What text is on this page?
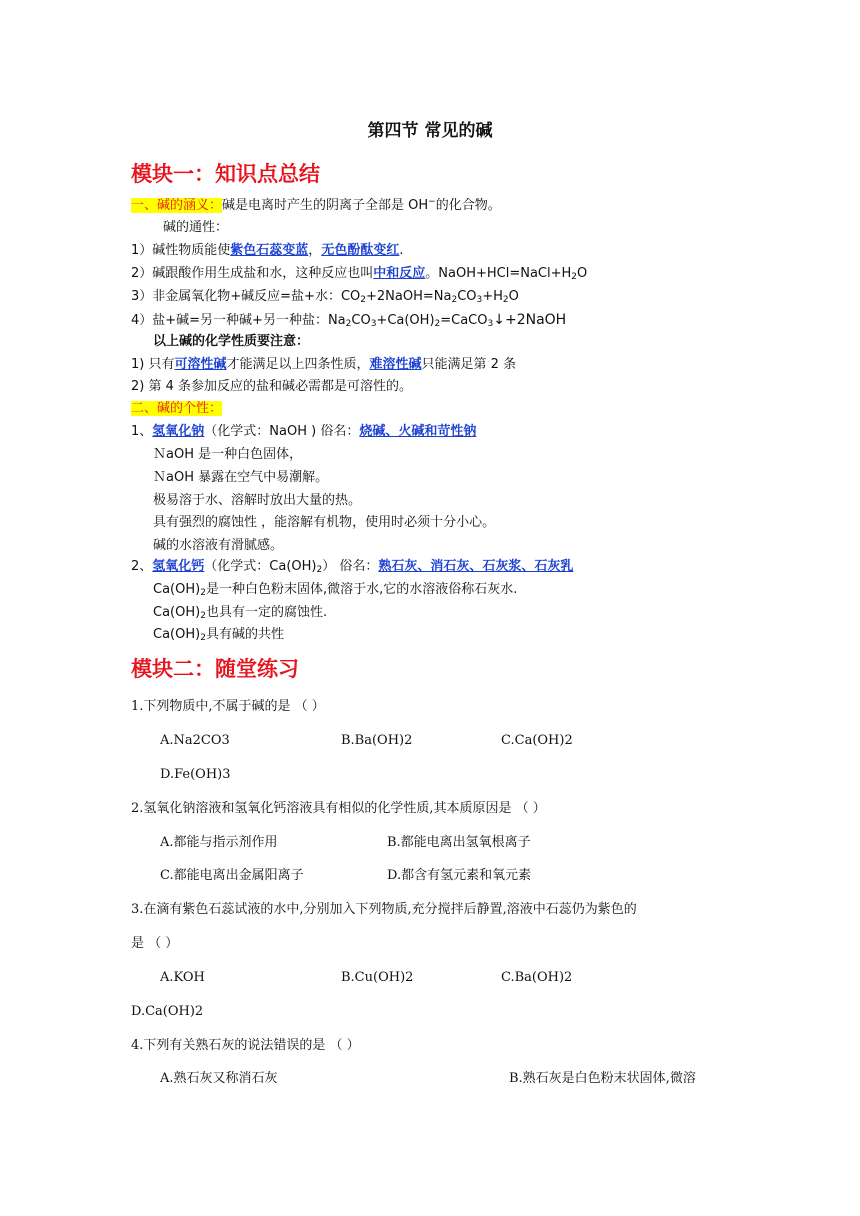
第四节 常见的碱
模块一：知识点总结
一、碱的涵义：碱是电离时产生的阴离子全部是 OH−的化合物。
碱的通性：
1）碱性物质能使紫色石蕊变蓝，无色酚酞变红.
2）碱跟酸作用生成盐和水，这种反应也叫中和反应。$NaOH+HCl=NaCl+H_2O$
3）非金属氧化物+碱反应=盐+水：$CO_2+2NaOH=Na_2CO_3+H_2O$
4）盐+碱=另一种碱+另一种盐：$Na_2CO_3+Ca(OH)_2=CaCO_3↓+2NaOH$
以上碱的化学性质要注意：
1) 只有可溶性碱才能满足以上四条性质，难溶性碱只能满足第 2 条
2) 第 4 条参加反应的盐和碱必需都是可溶性的。
二、碱的个性：
1、氢氧化钠（化学式：NaOH ) 俗名：烧碱、火碱和苛性钠
ＮaOH 是一种白色固体，
ＮaOH 暴露在空气中易潮解。
极易溶于水、溶解时放出大量的热。
具有强烈的腐蚀性 ，能溶解有机物，使用时必须十分小心。
碱的水溶液有滑腻感。
2、氢氧化钙（化学式：$Ca(OH)_2$） 俗名：熟石灰、消石灰、石灰浆、石灰乳
$Ca(OH)_2$是一种白色粉末固体,微溶于水,它的水溶液俗称石灰水.
$Ca(OH)_2$也具有一定的腐蚀性.
$Ca(OH)_2$具有碱的共性
模块二：随堂练习
1.下列物质中,不属于碱的是 （ ）
A.Na2CO3	B.Ba(OH)2	C.Ca(OH)2
D.Fe(OH)3
2.氢氧化钠溶液和氢氧化钙溶液具有相似的化学性质,其本质原因是 （ ）
A.都能与指示剂作用	B.都能电离出氢氧根离子
C.都能电离出金属阳离子	D.都含有氢元素和氧元素
3.在滴有紫色石蕊试液的水中,分别加入下列物质,充分搅拌后静置,溶液中石蕊仍为紫色的
是 （ ）
A.KOH	B.Cu(OH)2	C.Ba(OH)2
D.Ca(OH)2
4.下列有关熟石灰的说法错误的是 （ ）
A.熟石灰又称消石灰	B.熟石灰是白色粉末状固体,微溶
